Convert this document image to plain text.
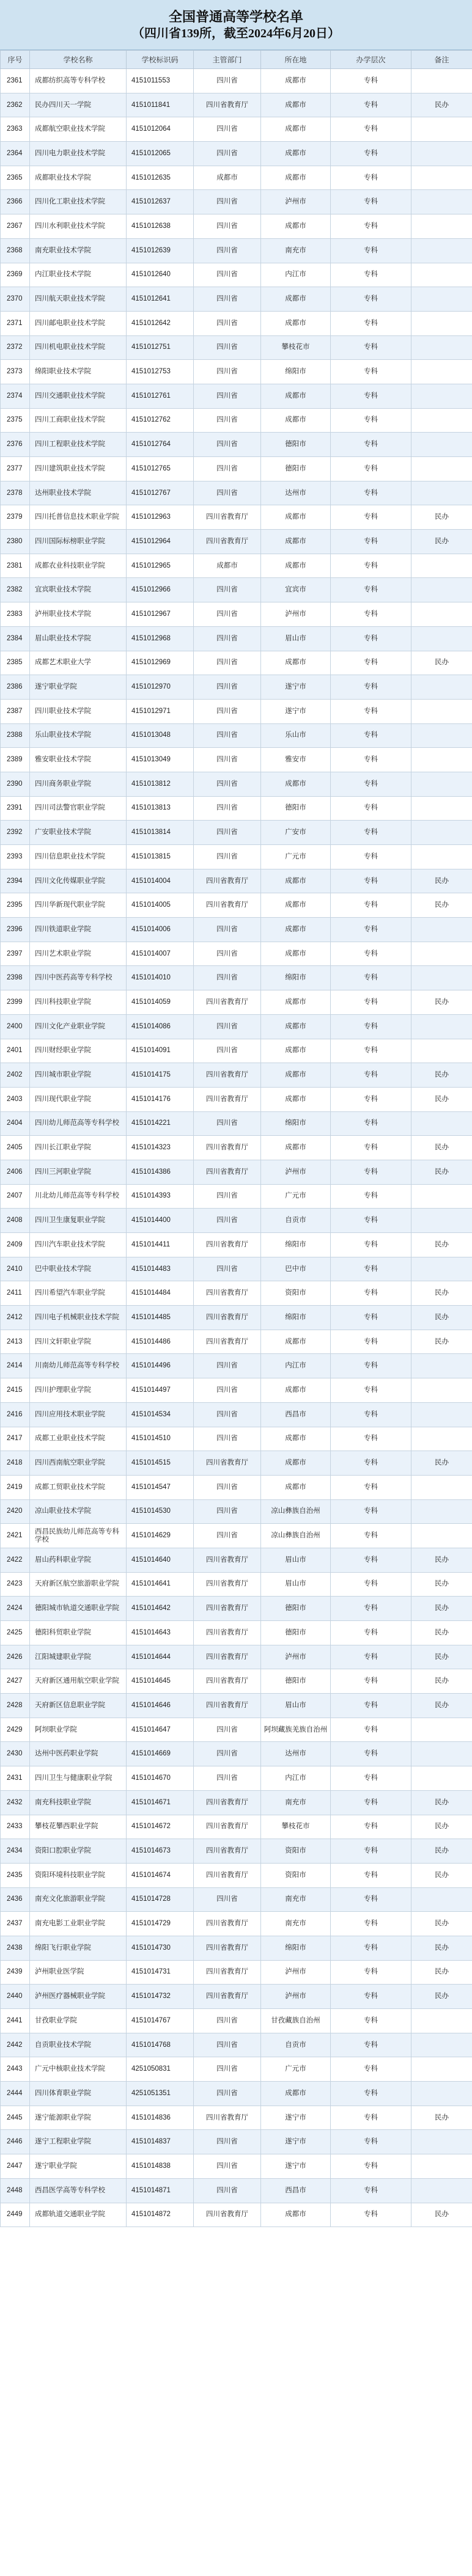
全国普通高等学校名单
（四川省139所，截至2024年6月20日）
序号	学校名称	学校标识码	主管部门	所在地	办学层次	备注
2361	成都纺织高等专科学校	4151011553	四川省	成都市	专科	
2362	民办四川天一学院	4151011841	四川省教育厅	成都市	专科	民办
2363	成都航空职业技术学院	4151012064	四川省	成都市	专科	
2364	四川电力职业技术学院	4151012065	四川省	成都市	专科	
2365	成都职业技术学院	4151012635	成都市	成都市	专科	
2366	四川化工职业技术学院	4151012637	四川省	泸州市	专科	
2367	四川水利职业技术学院	4151012638	四川省	成都市	专科	
2368	南充职业技术学院	4151012639	四川省	南充市	专科	
2369	内江职业技术学院	4151012640	四川省	内江市	专科	
2370	四川航天职业技术学院	4151012641	四川省	成都市	专科	
2371	四川邮电职业技术学院	4151012642	四川省	成都市	专科	
2372	四川机电职业技术学院	4151012751	四川省	攀枝花市	专科	
2373	绵阳职业技术学院	4151012753	四川省	绵阳市	专科	
2374	四川交通职业技术学院	4151012761	四川省	成都市	专科	
2375	四川工商职业技术学院	4151012762	四川省	成都市	专科	
2376	四川工程职业技术学院	4151012764	四川省	德阳市	专科	
2377	四川建筑职业技术学院	4151012765	四川省	德阳市	专科	
2378	达州职业技术学院	4151012767	四川省	达州市	专科	
2379	四川托普信息技术职业学院	4151012963	四川省教育厅	成都市	专科	民办
2380	四川国际标榜职业学院	4151012964	四川省教育厅	成都市	专科	民办
2381	成都农业科技职业学院	4151012965	成都市	成都市	专科	
2382	宜宾职业技术学院	4151012966	四川省	宜宾市	专科	
2383	泸州职业技术学院	4151012967	四川省	泸州市	专科	
2384	眉山职业技术学院	4151012968	四川省	眉山市	专科	
2385	成都艺术职业大学	4151012969	四川省	成都市	专科	民办
2386	遂宁职业学院	4151012970	四川省	遂宁市	专科	
2387	四川职业技术学院	4151012971	四川省	遂宁市	专科	
2388	乐山职业技术学院	4151013048	四川省	乐山市	专科	
2389	雅安职业技术学院	4151013049	四川省	雅安市	专科	
2390	四川商务职业学院	4151013812	四川省	成都市	专科	
2391	四川司法警官职业学院	4151013813	四川省	德阳市	专科	
2392	广安职业技术学院	4151013814	四川省	广安市	专科	
2393	四川信息职业技术学院	4151013815	四川省	广元市	专科	
2394	四川文化传媒职业学院	4151014004	四川省教育厅	成都市	专科	民办
2395	四川华新现代职业学院	4151014005	四川省教育厅	成都市	专科	民办
2396	四川铁道职业学院	4151014006	四川省	成都市	专科	
2397	四川艺术职业学院	4151014007	四川省	成都市	专科	
2398	四川中医药高等专科学校	4151014010	四川省	绵阳市	专科	
2399	四川科技职业学院	4151014059	四川省教育厅	成都市	专科	民办
2400	四川文化产业职业学院	4151014086	四川省	成都市	专科	
2401	四川财经职业学院	4151014091	四川省	成都市	专科	
2402	四川城市职业学院	4151014175	四川省教育厅	成都市	专科	民办
2403	四川现代职业学院	4151014176	四川省教育厅	成都市	专科	民办
2404	四川幼儿师范高等专科学校	4151014221	四川省	绵阳市	专科	
2405	四川长江职业学院	4151014323	四川省教育厅	成都市	专科	民办
2406	四川三河职业学院	4151014386	四川省教育厅	泸州市	专科	民办
2407	川北幼儿师范高等专科学校	4151014393	四川省	广元市	专科	
2408	四川卫生康复职业学院	4151014400	四川省	自贡市	专科	
2409	四川汽车职业技术学院	4151014411	四川省教育厅	绵阳市	专科	民办
2410	巴中职业技术学院	4151014483	四川省	巴中市	专科	
2411	四川希望汽车职业学院	4151014484	四川省教育厅	资阳市	专科	民办
2412	四川电子机械职业技术学院	4151014485	四川省教育厅	绵阳市	专科	民办
2413	四川文轩职业学院	4151014486	四川省教育厅	成都市	专科	民办
2414	川南幼儿师范高等专科学校	4151014496	四川省	内江市	专科	
2415	四川护理职业学院	4151014497	四川省	成都市	专科	
2416	四川应用技术职业学院	4151014534	四川省	西昌市	专科	
2417	成都工业职业技术学院	4151014510	四川省	成都市	专科	
2418	四川西南航空职业学院	4151014515	四川省教育厅	成都市	专科	民办
2419	成都工贸职业技术学院	4151014547	四川省	成都市	专科	
2420	凉山职业技术学院	4151014530	四川省	凉山彝族自治州	专科	
2421	西昌民族幼儿师范高等专科学校	4151014629	四川省	凉山彝族自治州	专科	
2422	眉山药科职业学院	4151014640	四川省教育厅	眉山市	专科	民办
2423	天府新区航空旅游职业学院	4151014641	四川省教育厅	眉山市	专科	民办
2424	德阳城市轨道交通职业学院	4151014642	四川省教育厅	德阳市	专科	民办
2425	德阳科贸职业学院	4151014643	四川省教育厅	德阳市	专科	民办
2426	江阳城建职业学院	4151014644	四川省教育厅	泸州市	专科	民办
2427	天府新区通用航空职业学院	4151014645	四川省教育厅	德阳市	专科	民办
2428	天府新区信息职业学院	4151014646	四川省教育厅	眉山市	专科	民办
2429	阿坝职业学院	4151014647	四川省	阿坝藏族羌族自治州	专科	
2430	达州中医药职业学院	4151014669	四川省	达州市	专科	
2431	四川卫生与健康职业学院	4151014670	四川省	内江市	专科	
2432	南充科技职业学院	4151014671	四川省教育厅	南充市	专科	民办
2433	攀枝花攀西职业学院	4151014672	四川省教育厅	攀枝花市	专科	民办
2434	资阳口腔职业学院	4151014673	四川省教育厅	资阳市	专科	民办
2435	资阳环境科技职业学院	4151014674	四川省教育厅	资阳市	专科	民办
2436	南充文化旅游职业学院	4151014728	四川省	南充市	专科	
2437	南充电影工业职业学院	4151014729	四川省教育厅	南充市	专科	民办
2438	绵阳飞行职业学院	4151014730	四川省教育厅	绵阳市	专科	民办
2439	泸州职业医学院	4151014731	四川省教育厅	泸州市	专科	民办
2440	泸州医疗器械职业学院	4151014732	四川省教育厅	泸州市	专科	民办
2441	甘孜职业学院	4151014767	四川省	甘孜藏族自治州	专科	
2442	自贡职业技术学院	4151014768	四川省	自贡市	专科	
2443	广元中核职业技术学院	4251050831	四川省	广元市	专科	
2444	四川体育职业学院	4251051351	四川省	成都市	专科	
2445	遂宁能源职业学院	4151014836	四川省教育厅	遂宁市	专科	民办
2446	遂宁工程职业学院	4151014837	四川省	遂宁市	专科	
2447	遂宁职业学院	4151014838	四川省	遂宁市	专科	
2448	西昌医学高等专科学校	4151014871	四川省	西昌市	专科	
2449	成都轨道交通职业学院	4151014872	四川省教育厅	成都市	专科	民办
